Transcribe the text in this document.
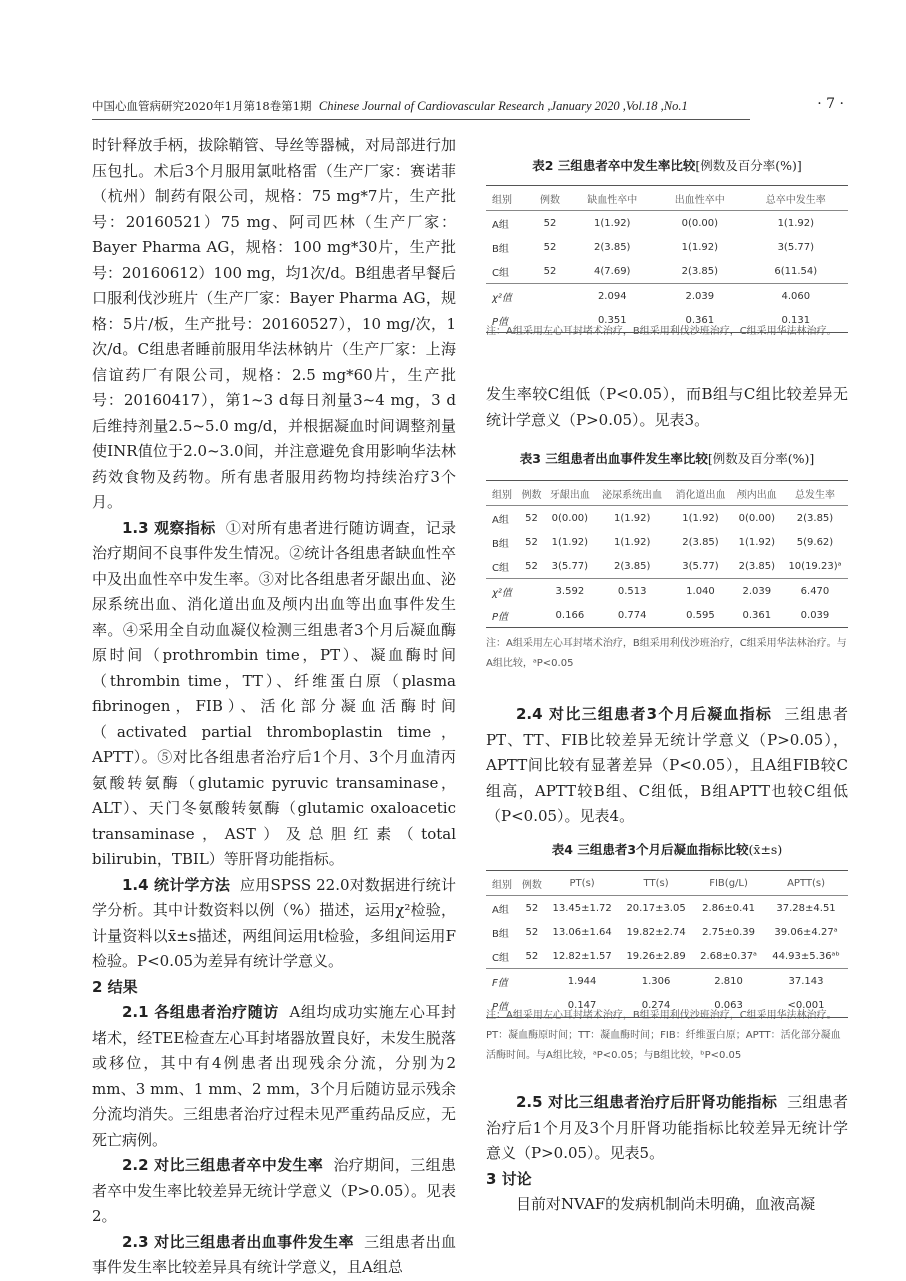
中国心血管病研究2020年1月第18卷第1期 Chinese Journal of Cardiovascular Research ,January 2020 ,Vol.18 ,No.1	· 7 ·

时针释放手柄，拔除鞘管、导丝等器械，对局部进行加压包扎。术后3个月服用氯吡格雷（生产厂家：赛诺菲（杭州）制药有限公司，规格：75 mg*7片，生产批号：20160521）75 mg、阿司匹林（生产厂家：Bayer Pharma AG，规格：100 mg*30片，生产批号：20160612）100 mg，均1次/d。B组患者早餐后口服利伐沙班片（生产厂家：Bayer Pharma AG，规格：5片/板，生产批号：20160527），10 mg/次，1次/d。C组患者睡前服用华法林钠片（生产厂家：上海信谊药厂有限公司，规格：2.5 mg*60片，生产批号：20160417），第1~3 d每日剂量3~4 mg，3 d后维持剂量2.5~5.0 mg/d，并根据凝血时间调整剂量使INR值位于2.0~3.0间，并注意避免食用影响华法林药效食物及药物。所有患者服用药物均持续治疗3个月。

1.3 观察指标 ①对所有患者进行随访调查，记录治疗期间不良事件发生情况。②统计各组患者缺血性卒中及出血性卒中发生率。③对比各组患者牙龈出血、泌尿系统出血、消化道出血及颅内出血等出血事件发生率。④采用全自动血凝仪检测三组患者3个月后凝血酶原时间（prothrombin time，PT）、凝血酶时间（thrombin time，TT）、纤维蛋白原（plasma fibrinogen，FIB）、活化部分凝血活酶时间（activated partial thromboplastin time，APTT）。⑤对比各组患者治疗后1个月、3个月血清丙氨酸转氨酶（glutamic pyruvic transaminase，ALT）、天门冬氨酸转氨酶（glutamic oxaloacetic transaminase，AST）及总胆红素（total bilirubin，TBIL）等肝肾功能指标。

1.4 统计学方法 应用SPSS 22.0对数据进行统计学分析。其中计数资料以例（%）描述，运用χ²检验，计量资料以x̄±s描述，两组间运用t检验，多组间运用F检验。P<0.05为差异有统计学意义。

2 结果

2.1 各组患者治疗随访 A组均成功实施左心耳封堵术，经TEE检查左心耳封堵器放置良好，未发生脱落或移位，其中有4例患者出现残余分流，分别为2 mm、3 mm、1 mm、2 mm，3个月后随访显示残余分流均消失。三组患者治疗过程未见严重药品反应，无死亡病例。

2.2 对比三组患者卒中发生率 治疗期间，三组患者卒中发生率比较差异无统计学意义（P>0.05）。见表2。

2.3 对比三组患者出血事件发生率 三组患者出血事件发生率比较差异具有统计学意义，且A组总

表2 三组患者卒中发生率比较[例数及百分率(%)]
组别	例数	缺血性卒中	出血性卒中	总卒中发生率
A组	52	1(1.92)	0(0.00)	1(1.92)
B组	52	2(3.85)	1(1.92)	3(5.77)
C组	52	4(7.69)	2(3.85)	6(11.54)
χ²值		2.094	2.039	4.060
P值		0.351	0.361	0.131
注：A组采用左心耳封堵术治疗，B组采用利伐沙班治疗，C组采用华法林治疗。

发生率较C组低（P<0.05），而B组与C组比较差异无统计学意义（P>0.05）。见表3。

表3 三组患者出血事件发生率比较[例数及百分率(%)]
组别	例数	牙龈出血	泌尿系统出血	消化道出血	颅内出血	总发生率
A组	52	0(0.00)	1(1.92)	1(1.92)	0(0.00)	2(3.85)
B组	52	1(1.92)	1(1.92)	2(3.85)	1(1.92)	5(9.62)
C组	52	3(5.77)	2(3.85)	3(5.77)	2(3.85)	10(19.23)ᵃ
χ²值		3.592	0.513	1.040	2.039	6.470
P值		0.166	0.774	0.595	0.361	0.039
注：A组采用左心耳封堵术治疗，B组采用利伐沙班治疗，C组采用华法林治疗。与A组比较，ᵃP<0.05

2.4 对比三组患者3个月后凝血指标 三组患者PT、TT、FIB比较差异无统计学意义（P>0.05），APTT间比较有显著差异（P<0.05），且A组FIB较C组高，APTT较B组、C组低，B组APTT也较C组低（P<0.05）。见表4。

表4 三组患者3个月后凝血指标比较(x̄±s)
组别	例数	PT(s)	TT(s)	FIB(g/L)	APTT(s)
A组	52	13.45±1.72	20.17±3.05	2.86±0.41	37.28±4.51
B组	52	13.06±1.64	19.82±2.74	2.75±0.39	39.06±4.27ᵃ
C组	52	12.82±1.57	19.26±2.89	2.68±0.37ᵃ	44.93±5.36ᵃᵇ
F值		1.944	1.306	2.810	37.143
P值		0.147	0.274	0.063	<0.001
注：A组采用左心耳封堵术治疗，B组采用利伐沙班治疗，C组采用华法林治疗。PT：凝血酶原时间；TT：凝血酶时间；FIB：纤维蛋白原；APTT：活化部分凝血活酶时间。与A组比较，ᵃP<0.05；与B组比较，ᵇP<0.05

2.5 对比三组患者治疗后肝肾功能指标 三组患者治疗后1个月及3个月肝肾功能指标比较差异无统计学意义（P>0.05）。见表5。

3 讨论

目前对NVAF的发病机制尚未明确，血液高凝
